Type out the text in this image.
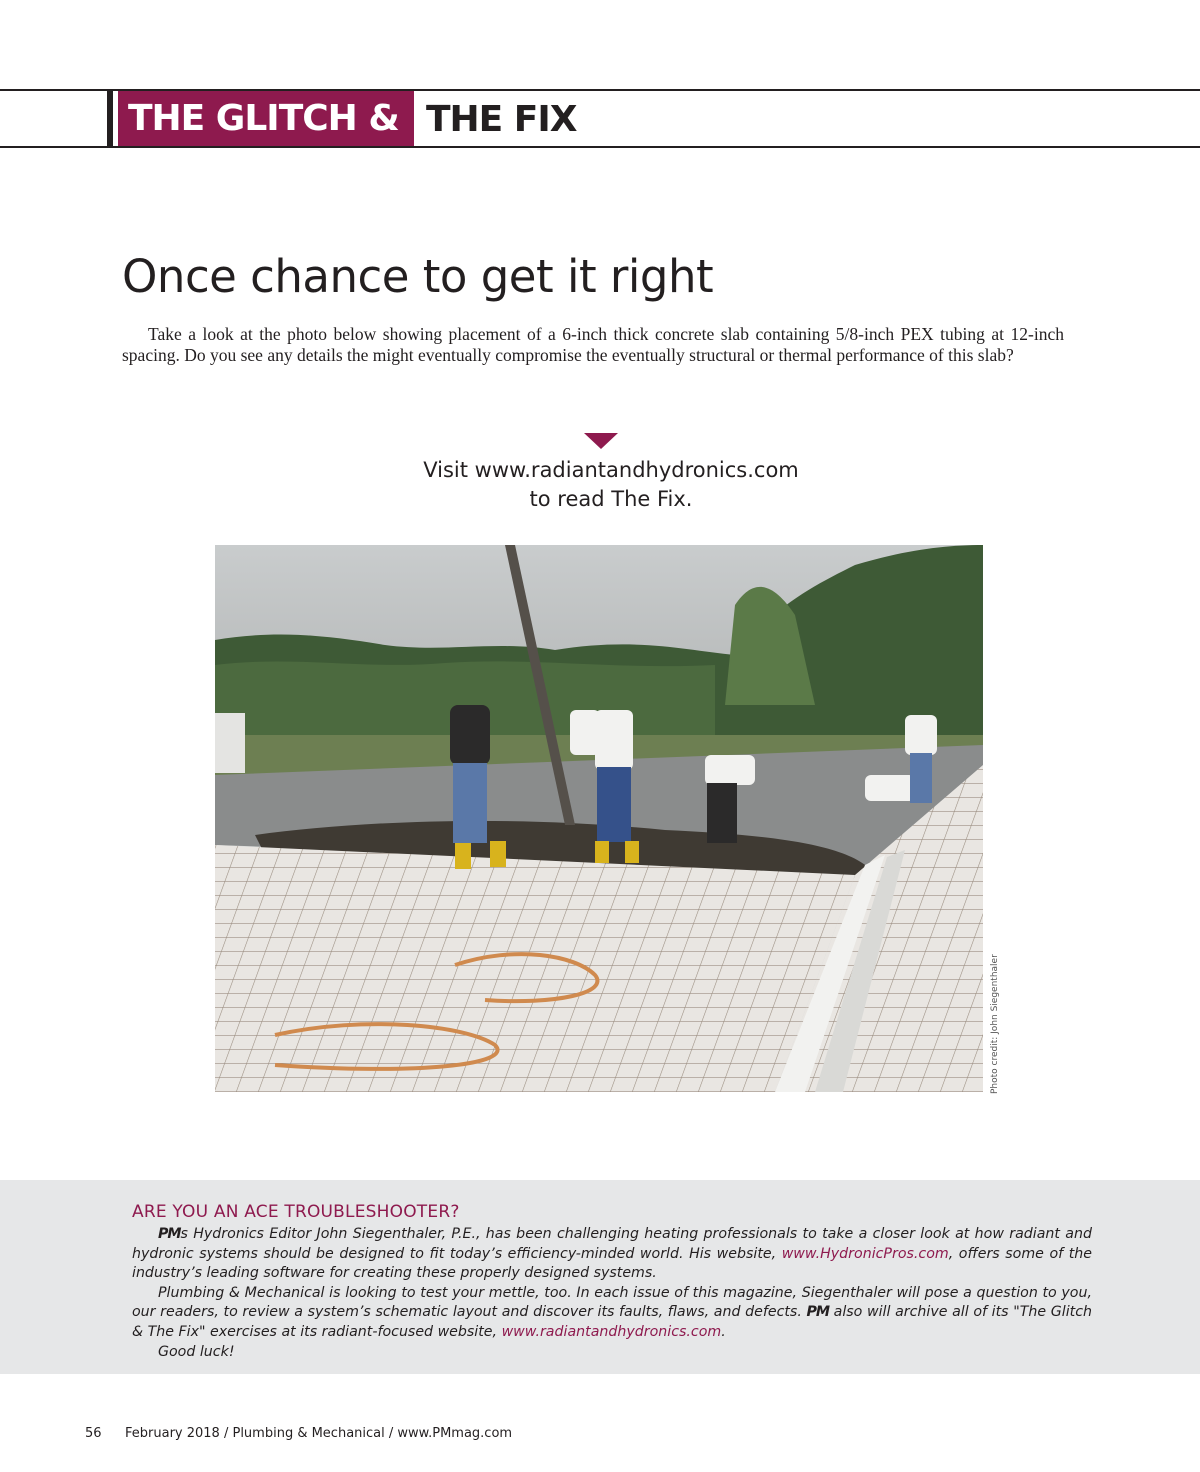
THE GLITCH & THE FIX
Once chance to get it right
Take a look at the photo below showing placement of a 6-inch thick concrete slab containing 5/8-inch PEX tubing at 12-inch spacing. Do you see any details the might eventually compromise the eventually structural or thermal performance of this slab?
Visit www.radiantandhydronics.com
to read The Fix.
Photo credit: John Siegenthaler
ARE YOU AN ACE TROUBLESHOOTER?

PMs Hydronics Editor John Siegenthaler, P.E., has been challenging heating professionals to take a closer look at how radiant and hydronic systems should be designed to fit today’s efficiency-minded world. His website, www.HydronicPros.com, offers some of the industry’s leading software for creating these properly designed systems.

Plumbing & Mechanical is looking to test your mettle, too. In each issue of this magazine, Siegenthaler will pose a question to you, our readers, to review a system’s schematic layout and discover its faults, flaws, and defects. PM also will archive all of its "The Glitch & The Fix" exercises at its radiant-focused website, www.radiantandhydronics.com.

Good luck!

56 February 2018 / Plumbing & Mechanical / www.PMmag.com
